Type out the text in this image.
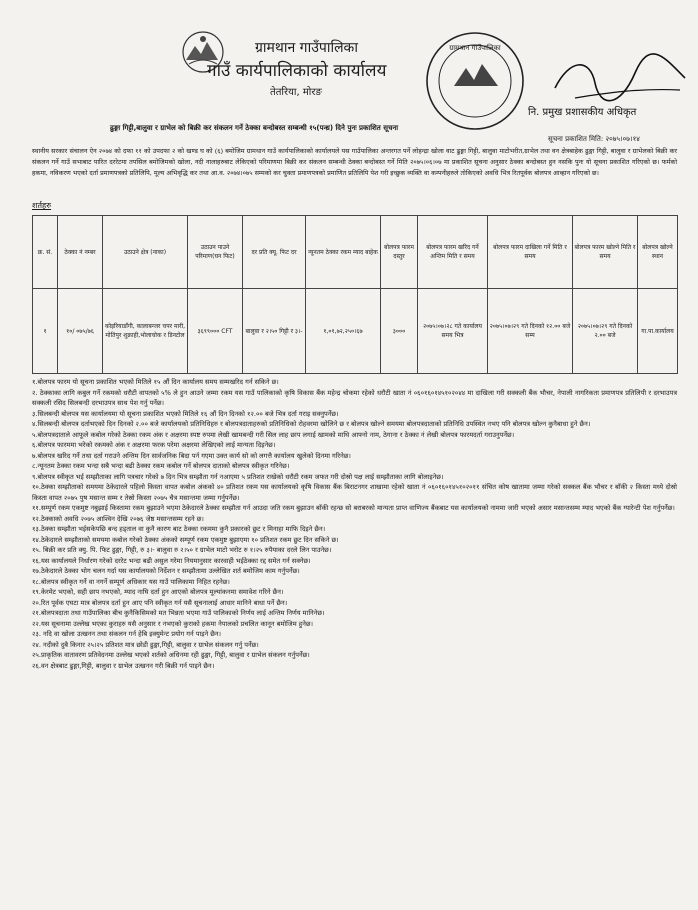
ग्रामथान गाउँपालिका
गाउँ कार्यपालिकाको कार्यालय
तेतरिया, मोरङ
ग्रामथान गाउँपालिका
नि. प्रमुख प्रशासकीय अधिकृत
ढुङ्गा गिट्टी,बालुवा र ग्राभेल को बिक्री कर संकलन गर्ने ठेक्का बन्दोबस्त सम्बन्धी १५(पन्ध्र) दिने पुनः प्रकाशित सूचना
सूचना प्रकाशित मिति: २०७५।०७।१४
स्थानीय सरकार संचालन ऐन २०७४ को दफा ११ को उपदफा २ को खण्ड घ को (६) बमोजिम ग्रामथान गाउँ कार्यपालिकाको कार्यालयले यस गाउँपालिका अन्तरगत पर्ने लोहन्द्रा खोला वाट ढुङ्गा गिट्टी, बालुवा माटोभरीत,ग्राभेल तथा वन क्षेत्रबाहेक ढुङ्गा गिट्टी, बालुवा र ग्राभेलको बिक्री कर संकलन गर्ने गाउँ सभाबाट पारित दररेटमा तपसिल बमोजिमको खोला, नदी नालाहरुबाट लेकिएको परिमाणमा बिक्री कर संकलन सम्बन्धी ठेक्का बन्दोबस्त गर्ने मिति २०७५।०६।०७ मा प्रकाशित सूचना अनुसार ठेक्का बन्दोबस्त हुन नसकि पुनः यो सूचना प्रकाशित गरिएको छ। फर्मको हकमा, नविकरण भएको दर्ता प्रमाणपत्रको प्रतिलिपि, मूल्य अभिवृद्धि कर तथा आ.व. २०७४।०७५ सम्मको कर चुक्ता प्रमाणपत्रको प्रमाणित प्रतिलिपि पेश गरी इच्छुक व्यक्ति वा कम्पनीहरुले तोकिएको अवधि भित्र रितपूर्वक बोलपत्र आव्हान गरिएको छ।
शर्तहरु
क्र. सं.	ठेक्का नं नम्बर	उठाउने क्षेत्र (नाका)	उठाउन पाउने परिमाण(घन फिट)	दर प्रति क्यू. फिट दर	न्यूनतम ठेक्का रकम म्याद बाहेक	बोलपत्र फारम दस्तुर	बोलपत्र फारम खरिद गर्ने अन्तिम मिति र समय	बोलपत्र फारम दाखिला गर्ने मिति र समय	बोलपत्र फारम खोल्ने मिति र समय	बोलपत्र खोल्ने स्थान
१	१०/ ०७५/७६	कोइरियाडाँगी, कालाबन्जर चपर मारी, मोतिपुर शुक्राही,भोलाचोक र डिनटोल	३६९९००० CFT	बालुवा र २।५० गिट्टी र ३।-	१,०१,७२,२५०।६७	३०००	२०७५।०७।२८ गते कार्यालय समय भित्र	२०७५।०७।२९ गते दिनको १२.०० बजे सम्म	२०७५।०७।२९ गते दिनको २.०० बजे	गा.पा.कार्यालय

१.बोलपत्र फारम यो सूचना प्रकाशित भएको मितिले १५ औं दिन कार्यालय समय सम्मखरिद गर्न सकिने छ।

२. ठेक्काका लागि कबुल गर्ने रकमको धरौटी वापतको ५% ले हुन आउने जम्मा रकम यस गाउँ पालिकाको कृषि विकास बैंक महेन्द्र चोकमा रहेको धरौटी खाता नं ०६०१६०१४५१०२०४४ मा दाखिला गरी सक्कली बैंक भौचर, नेपाली नागरिकता प्रमाणपत्र प्रतिलिपी र दरभाउपत्र सक्कली रसिद सिलबन्दी दरभाउपत्र साथ पेश गर्नु पर्नेछ।

३.सिलबन्दी बोलपत्र यस कार्यालयमा यो सूचना प्रकाशित भएको मितिले १६ औं दिन दिनको १२.०० बजे भित्र दर्ता गराइ सक्नुपर्नेछ।

४.सिलबन्दी बोलपत्र दर्ताभएको दिन दिनको २.०० बजे कार्यालयको प्रतिनिधिहरु र बोलपत्रदाताहरुको प्रतिनिधिको रोहवरमा खोलिने छ र बोलपत्र खोल्ने समयमा बोलपत्रदाताको प्रतिनिधि उपस्थित नभए पनि बोलपत्र खोल्न कुनैबाधा हुने छैन।

५.बोलपत्रदाताले आफूले कबोल गरेको ठेक्का रकम अंक र अक्षरमा स्पष्ट रुपमा लेखी खामबन्दी गरी सिल लाह छाप लगाई खामको माथि आफ्नो नाम, ठेगाना र ठेक्का नं लेखी बोलपत्र फारमदर्ता गराउनुपर्नेछ।

६.बोलपत्र फारममा भरेको रकमको अंक र अक्षरमा फरक परेमा अक्षरमा लेखिएको लाई मान्यता दिइनेछ।

७.बोलपत्र खरिद गर्ने तथा दर्ता गराउने अन्तिम दिन सार्वजनिक बिदा पर्न गएमा उक्त कार्य सो को लगत्तै कार्यालय खुलेको दिनमा गरिनेछ।

८.न्यूनतम ठेक्का रकम भन्दा सबै भन्दा बढी ठेक्का रकम कबोल गर्ने बोलपत्र दाताको बोलपत्र स्वीकृत गरिनेछ।

९.बोलपत्र स्वीकृत भई सम्झौताका लागि पत्रचार गरेको ७ दिन भित्र सम्झौता गर्न नआएमा ५ प्रतिशत राखेको धरौटी रकम जफत गरी दोस्रो पक्ष लाई सम्झौताका लागि बोलाइनेछ।

१०.ठेक्का सम्झौताको समयमा ठेकेदारले पहिलो किस्ता वापत कबोल अंकको ४० प्रतिशत रकम यस कार्यालयको कृषि विकास बैंक बिराटनगर शाखामा रहेको खाता नं ०६०१६०१४५१०२०११ संचित कोष खातामा जम्मा गरेको सक्कल बैंक भौचर र बाँकी २ किस्ता मध्ये दोस्रो किस्ता वापत २०७५ पुष मसान्त सम्म र तेस्रो किस्ता २०७५ चैत्र मसान्तमा जम्मा गर्नुपर्नेछ।

११.सम्पूर्ण रकम एकमुष्ट नबुझाई किस्तामा रकम बुझाउने भएमा ठेकेदारले ठेक्का सम्झौता गर्न आउदा जति रकम बुझाउन बाँकी रहन्छ सो बराबरको मान्यता प्राप्त वाणिज्य बैंकबाट यस कार्यालयको नाममा जारी भएको असार मसान्तसम्म म्याद भएको बैंक ग्यारेन्टी पेश गर्नुपर्नेछ।

१२.ठेक्काको अवधि २०७५ आश्विन देखि २०७६ जेष्ठ मसान्तसम्म रहने छ।

१३.ठेक्का सम्झौता भईसकेपछि बन्द हड्ताल वा कुनै कारण बाट ठेक्का रकममा कुनै प्रकारको छुट र मिनाहा माफि दिइने छैन।

१४.ठेकेदारले सम्झौताको समयमा कबोल गरेको ठेक्का अंकको सम्पूर्ण रकम एकमुष्ट बुझाएमा १० प्रतिशत रकम छुट दिन सकिने छ।

१५. बिक्री कर प्रति क्यु. पि. फिट ढुङ्गा, गिट्टी, रु ३।- बालुवा रु २।५० र ग्राभेल माटो भरोट रु १।२५ रुपैयाका दरले लिन पाउनेछ।

१६.यस कार्यालयले निर्धारण गरेको दररेट भन्दा बढी असुल गरेमा नियमानुसार कारवाही भईठेक्का रद्द समेत गर्न सक्नेछ।

१७.ठेकेदारले ठेक्का भोग चलन गर्दा यस कार्यालयको निर्देशन र सम्झौतामा उल्लेखित शर्त बमोजिम काम गर्नुपर्नेछ।

१८.बोलपत्र स्वीकृत गर्ने वा नगर्ने सम्पूर्ण अधिकार यस गाउँ पालिकामा निहित रहनेछ।

१९.केरमेट भएको, सही छाप नभएको, म्याद नाघि दर्ता हुन आएको बोलपत्र मूल्यांकनमा समावेश गरिने छैन।

२०.रित पूर्वक एघटा मात्र बोलपत्र दर्ता हुन आए पनि स्वीकृत गर्न यसै सूचनालाई आधार मानिने बाधा पर्ने छैन।

२१.बोलपत्रदाता तथा गाउँपालिका बीच कुनैकिसिमको मत भिन्नता भएमा गाउँ पालिकाको निर्णय लाई अन्तिम निर्णय मानिनेछ।

२२.यस सूचनामा उल्लेख भएका कुराहरु यसै अनुसार र नभएको कुराको हकमा नेपालको प्रचलित कानून बमोजिम हुनेछ।

२३. नदि वा खोला उत्खनन तथा संकलन गर्न हेबि इक्युमेन्ट प्रयोग गर्न पाइने छैन।

२४. नदीको दुबै किनार २५।२५ प्रतिशत मात्र छोडी ढुङ्गा,गिट्टी, बालुवा र ग्राभेल संकलन गर्नु पर्नेछ।

२५.प्राकृतिक वातावरण प्रतिवेदनमा उल्लेख भएको शर्तको अधिनमा रही ढुङ्गा, गिट्टी, बालुवा र ग्राभेल संकलन गर्नुपर्नेछ।

२६.वन क्षेत्रबाट ढुङ्गा,गिट्टी, बालुवा र ग्राभेल उत्खनन गरी बिक्री गर्न पाइने छैन।
